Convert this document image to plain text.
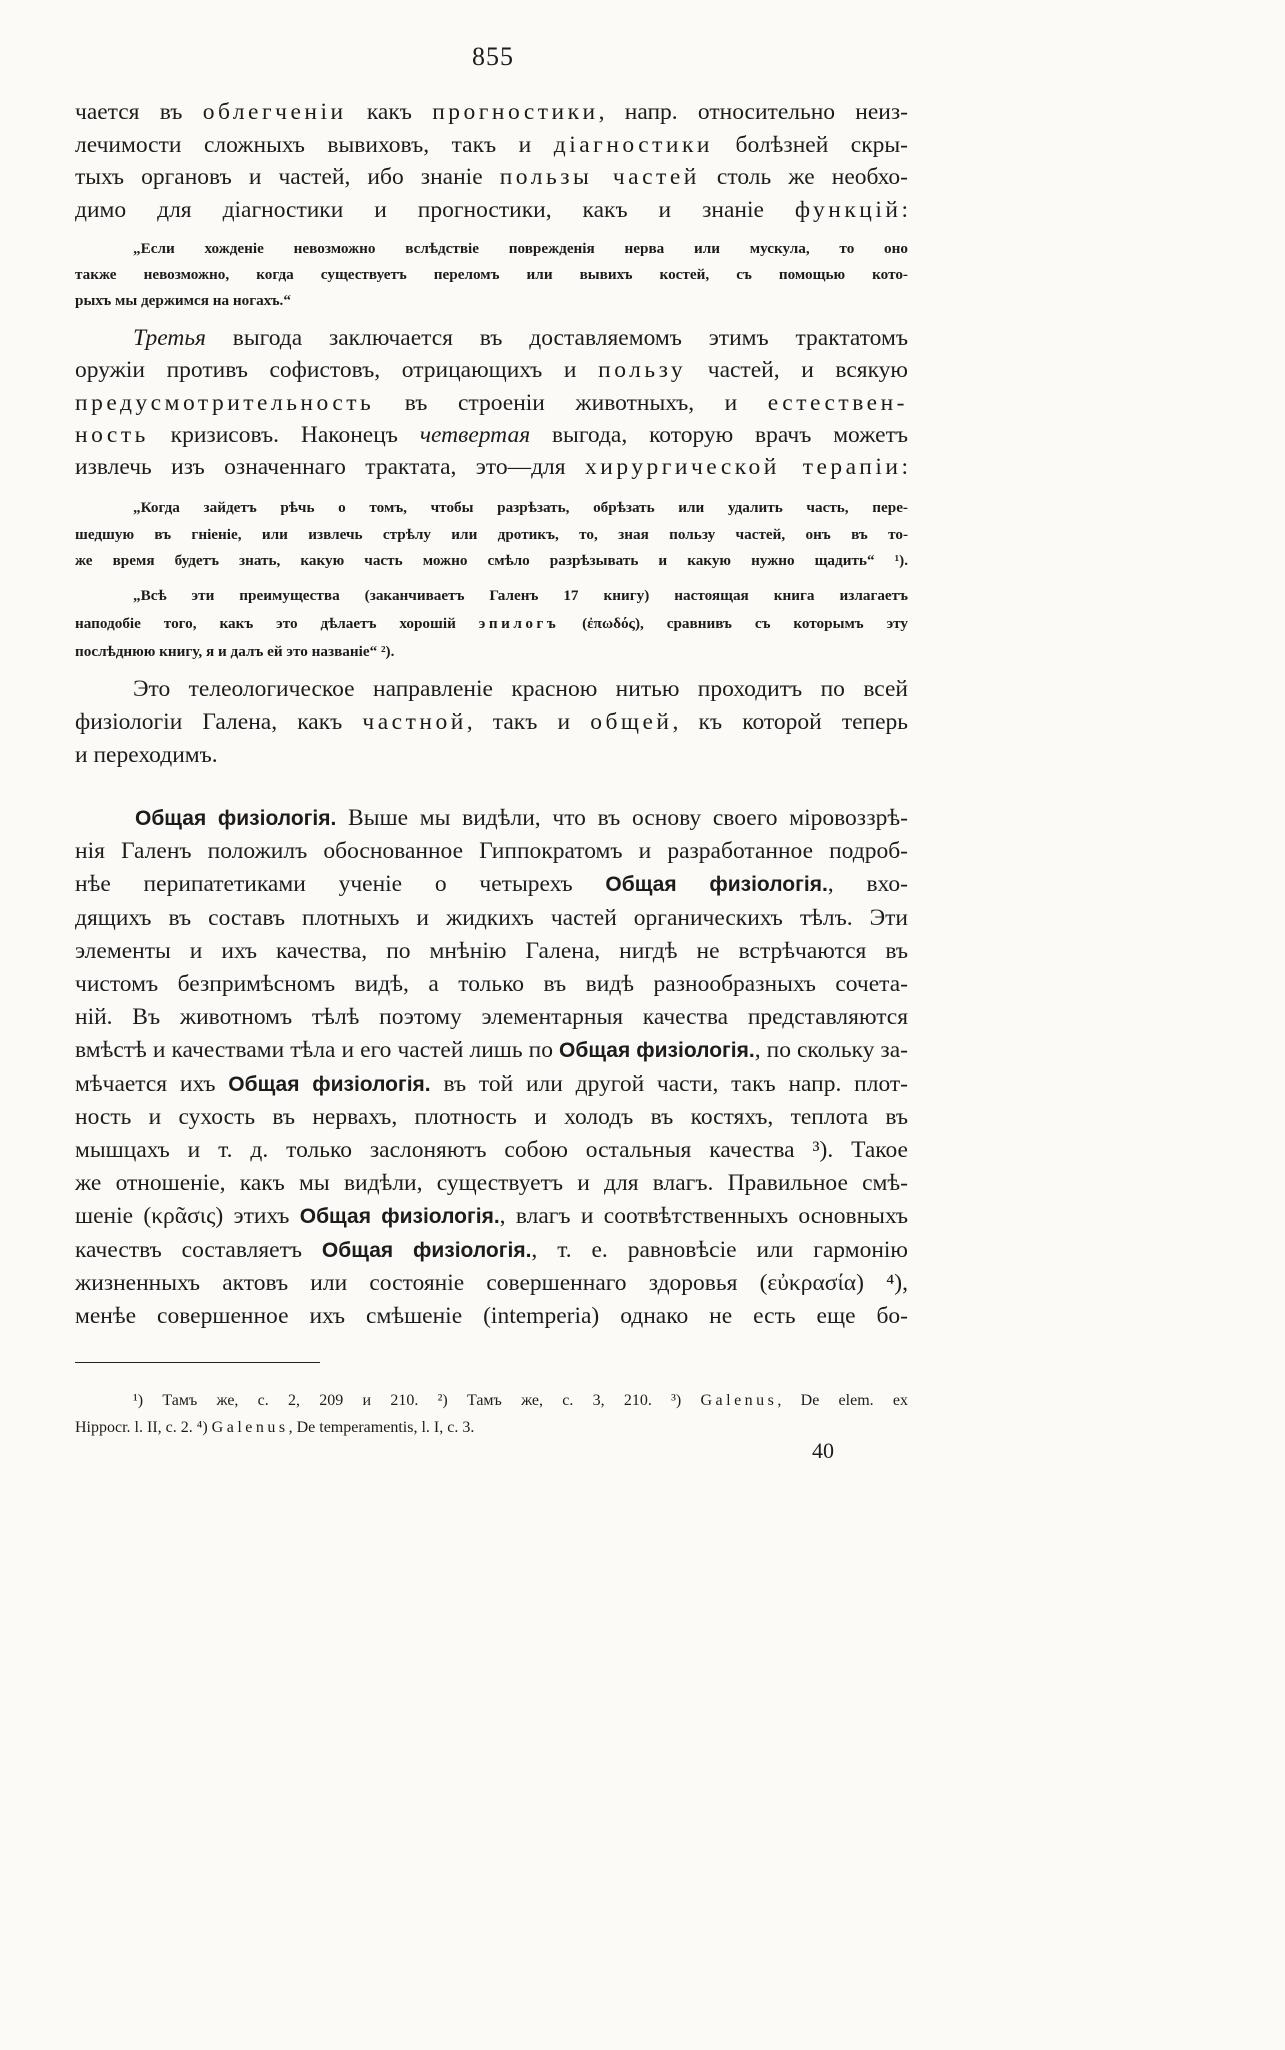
855
чается въ облегченіи какъ прогностики, напр. относительно неиз-
лечимости сложныхъ вывиховъ, такъ и діагностики болѣзней скры-
тыхъ органовъ и частей, ибо знаніе пользы частей столь же необхо-
димо для діагностики и прогностики, какъ и знаніе функцій:
„Если хожденіе невозможно вслѣдствіе поврежденія нерва или мускула, то оно
также невозможно, когда существуетъ переломъ или вывихъ костей, съ помощью кото-
рыхъ мы держимся на ногахъ.“
Третья выгода заключается въ доставляемомъ этимъ трактатомъ
оружіи противъ софистовъ, отрицающихъ и пользу частей, и всякую
предусмотрительность въ строеніи животныхъ, и естествен-
ность кризисовъ. Наконецъ четвертая выгода, которую врачъ можетъ
извлечь изъ означеннаго трактата, это—для хирургической терапіи:
„Когда зайдетъ рѣчь о томъ, чтобы разрѣзать, обрѣзать или удалить часть, пере-
шедшую въ гніеніе, или извлечь стрѣлу или дротикъ, то, зная пользу частей, онъ въ то-
же время будетъ знать, какую часть можно смѣло разрѣзывать и какую нужно щадить“ ¹).
„Всѣ эти преимущества (заканчиваетъ Галенъ 17 книгу) настоящая книга излагаетъ
наподобіе того, какъ это дѣлаетъ хорошій эпилогъ (ἐπωδός), сравнивъ съ которымъ эту
послѣднюю книгу, я и далъ ей это названіе“ ²).
Это телеологическое направленіе красною нитью проходитъ по всей
физіологіи Галена, какъ частной, такъ и общей, къ которой теперь
и переходимъ.
Общая физіологія. Выше мы видѣли, что въ основу своего міровоззрѣ-
нія Галенъ положилъ обоснованное Гиппократомъ и разработанное подроб-
нѣе перипатетиками ученіе о четырехъ Общая физіологія., вхо-
дящихъ въ составъ плотныхъ и жидкихъ частей органическихъ тѣлъ. Эти
элементы и ихъ качества, по мнѣнію Галена, нигдѣ не встрѣчаются въ
чистомъ безпримѣсномъ видѣ, а только въ видѣ разнообразныхъ сочета-
ній. Въ животномъ тѣлѣ поэтому элементарныя качества представляются
вмѣстѣ и качествами тѣла и его частей лишь по Общая физіологія., по скольку за-
мѣчается ихъ Общая физіологія. въ той или другой части, такъ напр. плот-
ность и сухость въ нервахъ, плотность и холодъ въ костяхъ, теплота въ
мышцахъ и т. д. только заслоняютъ собою остальныя качества ³). Такое
же отношеніе, какъ мы видѣли, существуетъ и для влагъ. Правильное смѣ-
шеніе (κρᾶσις) этихъ Общая физіологія., влагъ и соотвѣтственныхъ основныхъ
качествъ составляетъ Общая физіологія., т. е. равновѣсіе или гармонію
жизненныхъ актовъ или состояніе совершеннаго здоровья (εὐκρασία) ⁴),
менѣе совершенное ихъ смѣшеніе (intemperia) однако не есть еще бо-
¹) Тамъ же, с. 2, 209 и 210. ²) Тамъ же, с. 3, 210. ³) Galenus, De elem. ex
Hippocr. l. II, c. 2. ⁴) Galenus, De temperamentis, l. I, c. 3.
40
